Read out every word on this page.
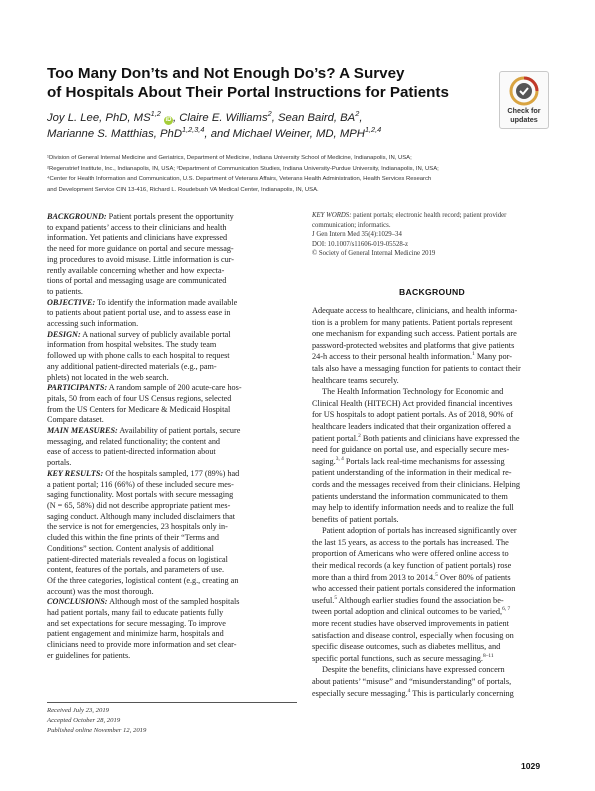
Too Many Don’ts and Not Enough Do’s? A Survey
of Hospitals About Their Portal Instructions for Patients
Check for
updates
Joy L. Lee, PhD, MS$^{1,2}$ iD , Claire E. Williams$^2$, Sean Baird, $BA^2$,
Marianne S. Matthias, PhD$^{1,2,3,4}$, and Michael Weiner, MD, MPH$^{1,2,4}$
¹Division of General Internal Medicine and Geriatrics, Department of Medicine, Indiana University School of Medicine, Indianapolis, IN, USA;
²Regenstrief Institute, Inc., Indianapolis, IN, USA; ³Department of Communication Studies, Indiana University-Purdue University, Indianapolis, IN, USA;
⁴Center for Health Information and Communication, U.S. Department of Veterans Affairs, Veterans Health Administration, Health Services Research
and Development Service CIN 13-416, Richard L. Roudebush VA Medical Center, Indianapolis, IN, USA.
BACKGROUND: Patient portals present the opportunity
to expand patients’ access to their clinicians and health
information. Yet patients and clinicians have expressed
the need for more guidance on portal and secure messag-
ing procedures to avoid misuse. Little information is cur-
rently available concerning whether and how expecta-
tions of portal and messaging usage are communicated
to patients.
OBJECTIVE: To identify the information made available
to patients about patient portal use, and to assess ease in
accessing such information.
DESIGN: A national survey of publicly available portal
information from hospital websites. The study team
followed up with phone calls to each hospital to request
any additional patient-directed materials (e.g., pam-
phlets) not located in the web search.
PARTICIPANTS: A random sample of 200 acute-care hos-
pitals, 50 from each of four US Census regions, selected
from the US Centers for Medicare & Medicaid Hospital
Compare dataset.
MAIN MEASURES: Availability of patient portals, secure
messaging, and related functionality; the content and
ease of access to patient-directed information about
portals.
KEY RESULTS: Of the hospitals sampled, 177 (89%) had
a patient portal; 116 (66%) of these included secure mes-
saging functionality. Most portals with secure messaging
(N = 65, 58%) did not describe appropriate patient mes-
saging conduct. Although many included disclaimers that
the service is not for emergencies, 23 hospitals only in-
cluded this within the fine prints of their “Terms and
Conditions” section. Content analysis of additional
patient-directed materials revealed a focus on logistical
content, features of the portals, and parameters of use.
Of the three categories, logistical content (e.g., creating an
account) was the most thorough.
CONCLUSIONS: Although most of the sampled hospitals
had patient portals, many fail to educate patients fully
and set expectations for secure messaging. To improve
patient engagement and minimize harm, hospitals and
clinicians need to provide more information and set clear-
er guidelines for patients.
Received July 23, 2019
Accepted October 28, 2019
Published online November 12, 2019
KEY WORDS: patient portals; electronic health record; patient provider
communication; informatics.
J Gen Intern Med 35(4):1029–34
DOI: 10.1007/s11606-019-05528-z
© Society of General Internal Medicine 2019
BACKGROUND
Adequate access to healthcare, clinicians, and health informa-
tion is a problem for many patients. Patient portals represent
one mechanism for expanding such access. Patient portals are
password-protected websites and platforms that give patients
24-h access to their personal health information.$^1$ Many por-
tals also have a messaging function for patients to contact their
healthcare teams securely.
The Health Information Technology for Economic and
Clinical Health (HITECH) Act provided financial incentives
for US hospitals to adopt patient portals. As of 2018, 90% of
healthcare leaders indicated that their organization offered a
patient portal.$^2$ Both patients and clinicians have expressed the
need for guidance on portal use, and especially secure mes-
saging.$^{3, 4}$ Portals lack real-time mechanisms for assessing
patient understanding of the information in their medical re-
cords and the messages received from their clinicians. Helping
patients understand the information communicated to them
may help to identify information needs and to realize the full
benefits of patient portals.
Patient adoption of portals has increased significantly over
the last 15 years, as access to the portals has increased. The
proportion of Americans who were offered online access to
their medical records (a key function of patient portals) rose
more than a third from 2013 to 2014.$^5$ Over 80% of patients
who accessed their patient portals considered the information
useful.$^5$ Although earlier studies found the association be-
tween portal adoption and clinical outcomes to be varied,$^{6, 7}$
more recent studies have observed improvements in patient
satisfaction and disease control, especially when focusing on
specific disease outcomes, such as diabetes mellitus, and
specific portal functions, such as secure messaging.$^{8-11}$
Despite the benefits, clinicians have expressed concern
about patients’ “misuse” and “misunderstanding” of portals,
especially secure messaging.$^4$ This is particularly concerning
1029
